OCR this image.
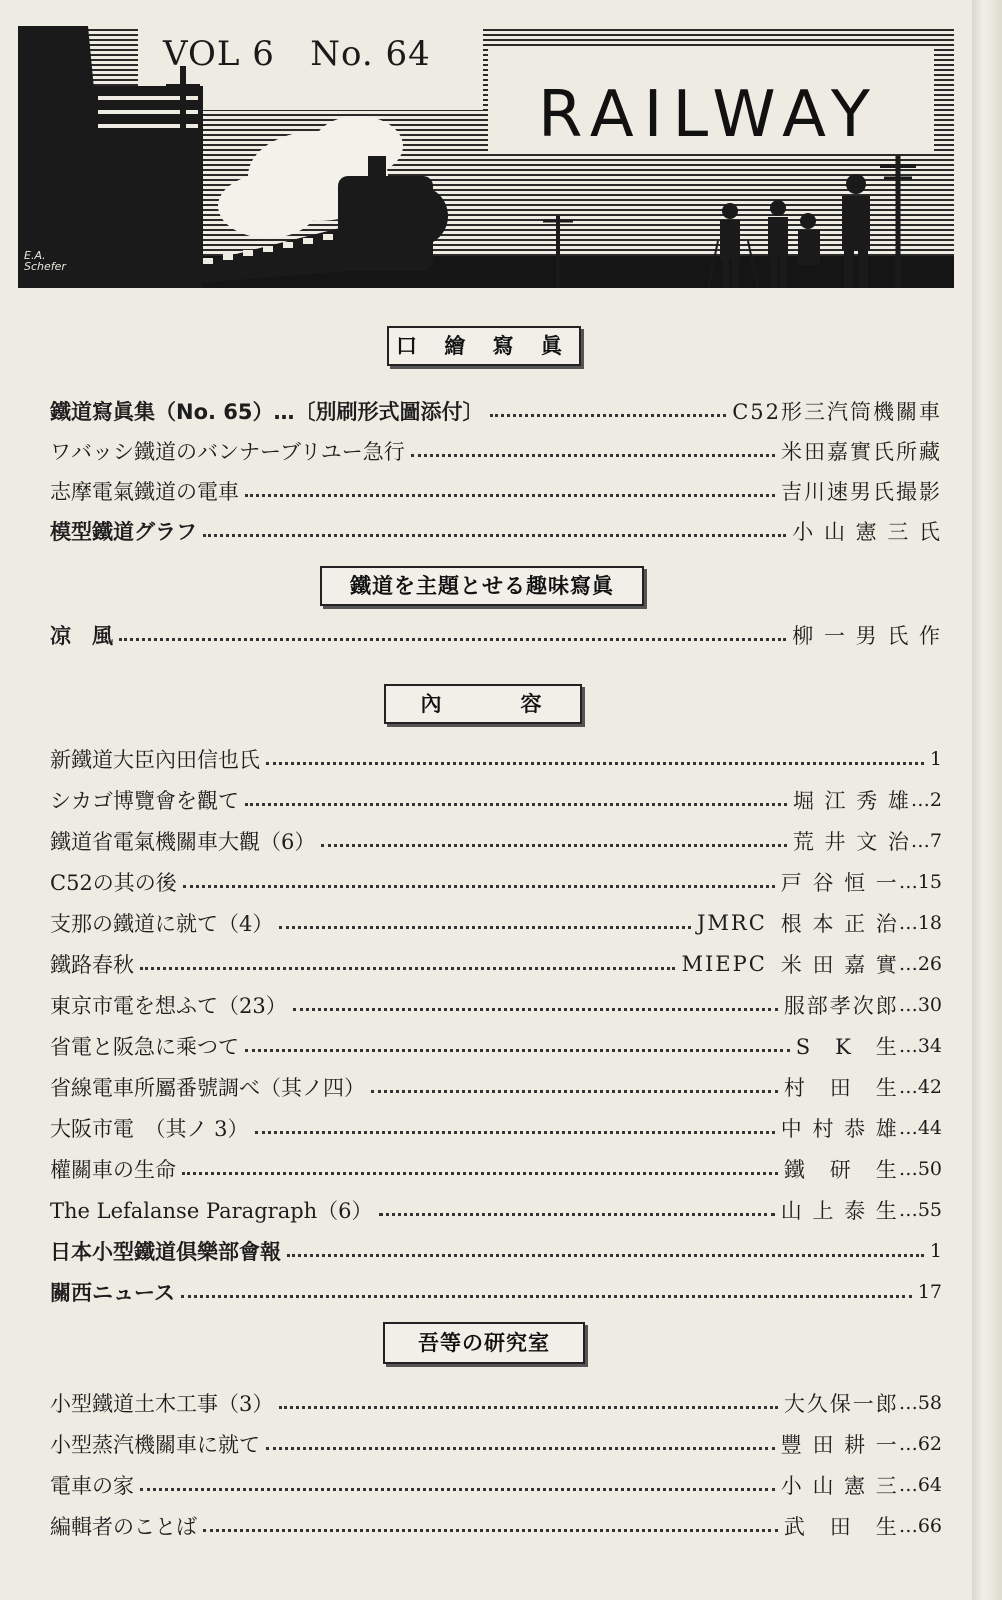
VOL 6 No. 64
RAILWAY
E.A.
Schefer
口 繪 寫 眞
鐵道寫眞集（No. 65）…〔別刷形式圖添付〕	C52形三汽筒機關車
ワバッシ鐵道のバンナーブリユー急行	米田嘉實氏所藏
志摩電氣鐵道の電車	吉川速男氏撮影
模型鐵道グラフ	小 山 憲 三 氏
鐵道を主題とせる趣味寫眞
凉　風	柳 一 男 氏 作
內　　　容
新鐵道大臣內田信也氏	1
シカゴ博覽會を觀て	堀 江 秀 雄 … 2
鐵道省電氣機關車大觀（6）	荒 井 文 治 … 7
C52の其の後	戸 谷 恒 一 … 15
支那の鐵道に就て（4）	JMRC 根 本 正 治 … 18
鐵路春秋	MIEPC 米 田 嘉 實 … 26
東京市電を想ふて（23）	服部孝次郎 … 30
省電と阪急に乘つて	S　K　生 … 34
省線電車所屬番號調べ（其ノ四）	村　田　生 … 42
大阪市電　（其ノ 3）	中 村 恭 雄 … 44
權關車の生命	鐵　研　生 … 50
The Lefalanse Paragraph（6）	山 上 泰 生 … 55
日本小型鐵道倶樂部會報	1
關西ニュース	17
吾等の研究室
小型鐵道土木工事（3）	大久保一郎 … 58
小型蒸汽機關車に就て	豐 田 耕 一 … 62
電車の家	小 山 憲 三 … 64
編輯者のことば	武　田　生 … 66
